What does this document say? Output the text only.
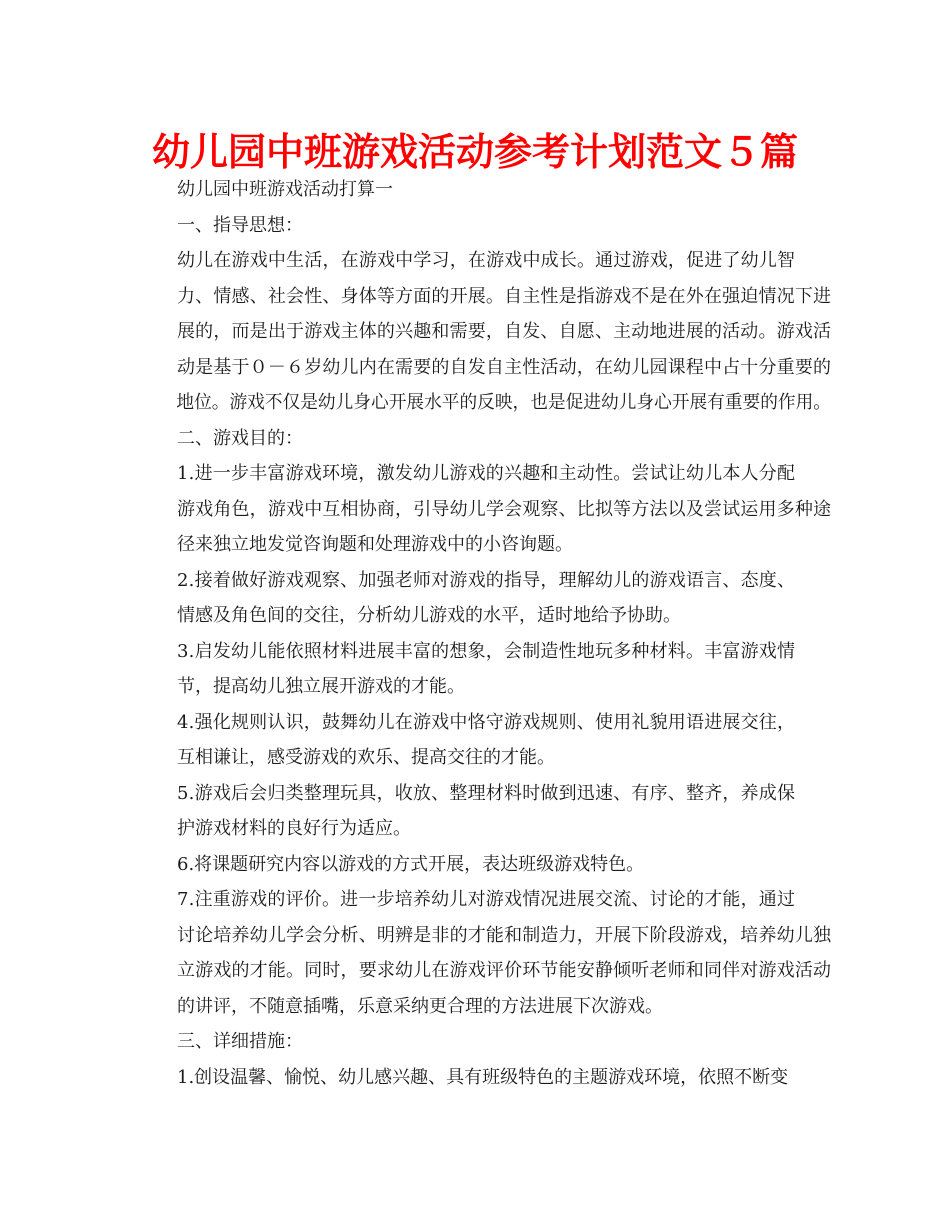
幼儿园中班游戏活动参考计划范文５篇

幼儿园中班游戏活动打算一

一、指导思想：

幼儿在游戏中生活，在游戏中学习，在游戏中成长。通过游戏，促进了幼儿智
力、情感、社会性、身体等方面的开展。自主性是指游戏不是在外在强迫情况下进
展的，而是出于游戏主体的兴趣和需要，自发、自愿、主动地进展的活动。游戏活
动是基于０－６岁幼儿内在需要的自发自主性活动，在幼儿园课程中占十分重要的
地位。游戏不仅是幼儿身心开展水平的反映，也是促进幼儿身心开展有重要的作用。

二、游戏目的：

1.进一步丰富游戏环境，激发幼儿游戏的兴趣和主动性。尝试让幼儿本人分配
游戏角色，游戏中互相协商，引导幼儿学会观察、比拟等方法以及尝试运用多种途
径来独立地发觉咨询题和处理游戏中的小咨询题。

2.接着做好游戏观察、加强老师对游戏的指导，理解幼儿的游戏语言、态度、
情感及角色间的交往，分析幼儿游戏的水平，适时地给予协助。

3.启发幼儿能依照材料进展丰富的想象，会制造性地玩多种材料。丰富游戏情
节，提高幼儿独立展开游戏的才能。

4.强化规则认识，鼓舞幼儿在游戏中恪守游戏规则、使用礼貌用语进展交往，
互相谦让，感受游戏的欢乐、提高交往的才能。

5.游戏后会归类整理玩具，收放、整理材料时做到迅速、有序、整齐，养成保
护游戏材料的良好行为适应。

6.将课题研究内容以游戏的方式开展，表达班级游戏特色。

7.注重游戏的评价。进一步培养幼儿对游戏情况进展交流、讨论的才能，通过
讨论培养幼儿学会分析、明辨是非的才能和制造力，开展下阶段游戏，培养幼儿独
立游戏的才能。同时，要求幼儿在游戏评价环节能安静倾听老师和同伴对游戏活动
的讲评，不随意插嘴，乐意采纳更合理的方法进展下次游戏。

三、详细措施：

1.创设温馨、愉悦、幼儿感兴趣、具有班级特色的主题游戏环境，依照不断变
